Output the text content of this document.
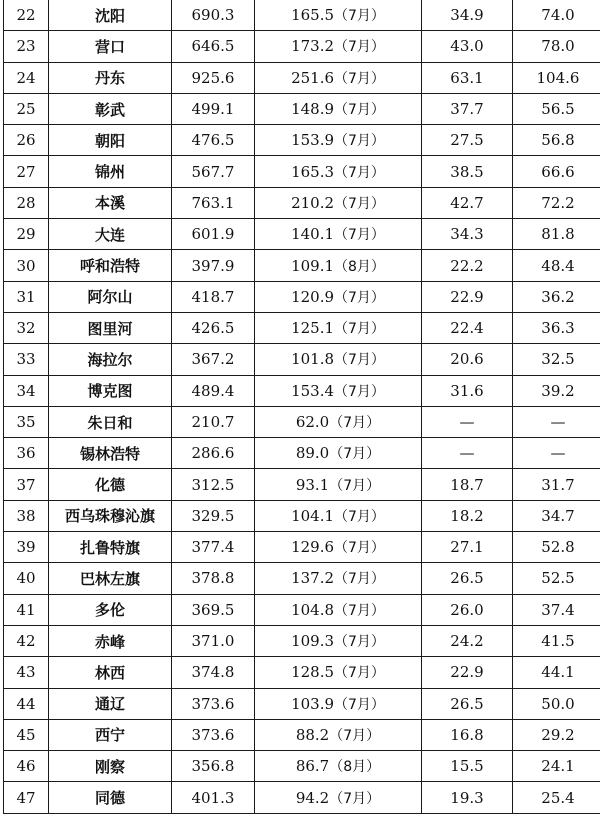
22	沈阳	690.3	165.5（7月）	34.9	74.0
23	营口	646.5	173.2（7月）	43.0	78.0
24	丹东	925.6	251.6（7月）	63.1	104.6
25	彰武	499.1	148.9（7月）	37.7	56.5
26	朝阳	476.5	153.9（7月）	27.5	56.8
27	锦州	567.7	165.3（7月）	38.5	66.6
28	本溪	763.1	210.2（7月）	42.7	72.2
29	大连	601.9	140.1（7月）	34.3	81.8
30	呼和浩特	397.9	109.1（8月）	22.2	48.4
31	阿尔山	418.7	120.9（7月）	22.9	36.2
32	图里河	426.5	125.1（7月）	22.4	36.3
33	海拉尔	367.2	101.8（7月）	20.6	32.5
34	博克图	489.4	153.4（7月）	31.6	39.2
35	朱日和	210.7	62.0（7月）	—	—
36	锡林浩特	286.6	89.0（7月）	—	—
37	化德	312.5	93.1（7月）	18.7	31.7
38	西乌珠穆沁旗	329.5	104.1（7月）	18.2	34.7
39	扎鲁特旗	377.4	129.6（7月）	27.1	52.8
40	巴林左旗	378.8	137.2（7月）	26.5	52.5
41	多伦	369.5	104.8（7月）	26.0	37.4
42	赤峰	371.0	109.3（7月）	24.2	41.5
43	林西	374.8	128.5（7月）	22.9	44.1
44	通辽	373.6	103.9（7月）	26.5	50.0
45	西宁	373.6	88.2（7月）	16.8	29.2
46	刚察	356.8	86.7（8月）	15.5	24.1
47	同德	401.3	94.2（7月）	19.3	25.4
